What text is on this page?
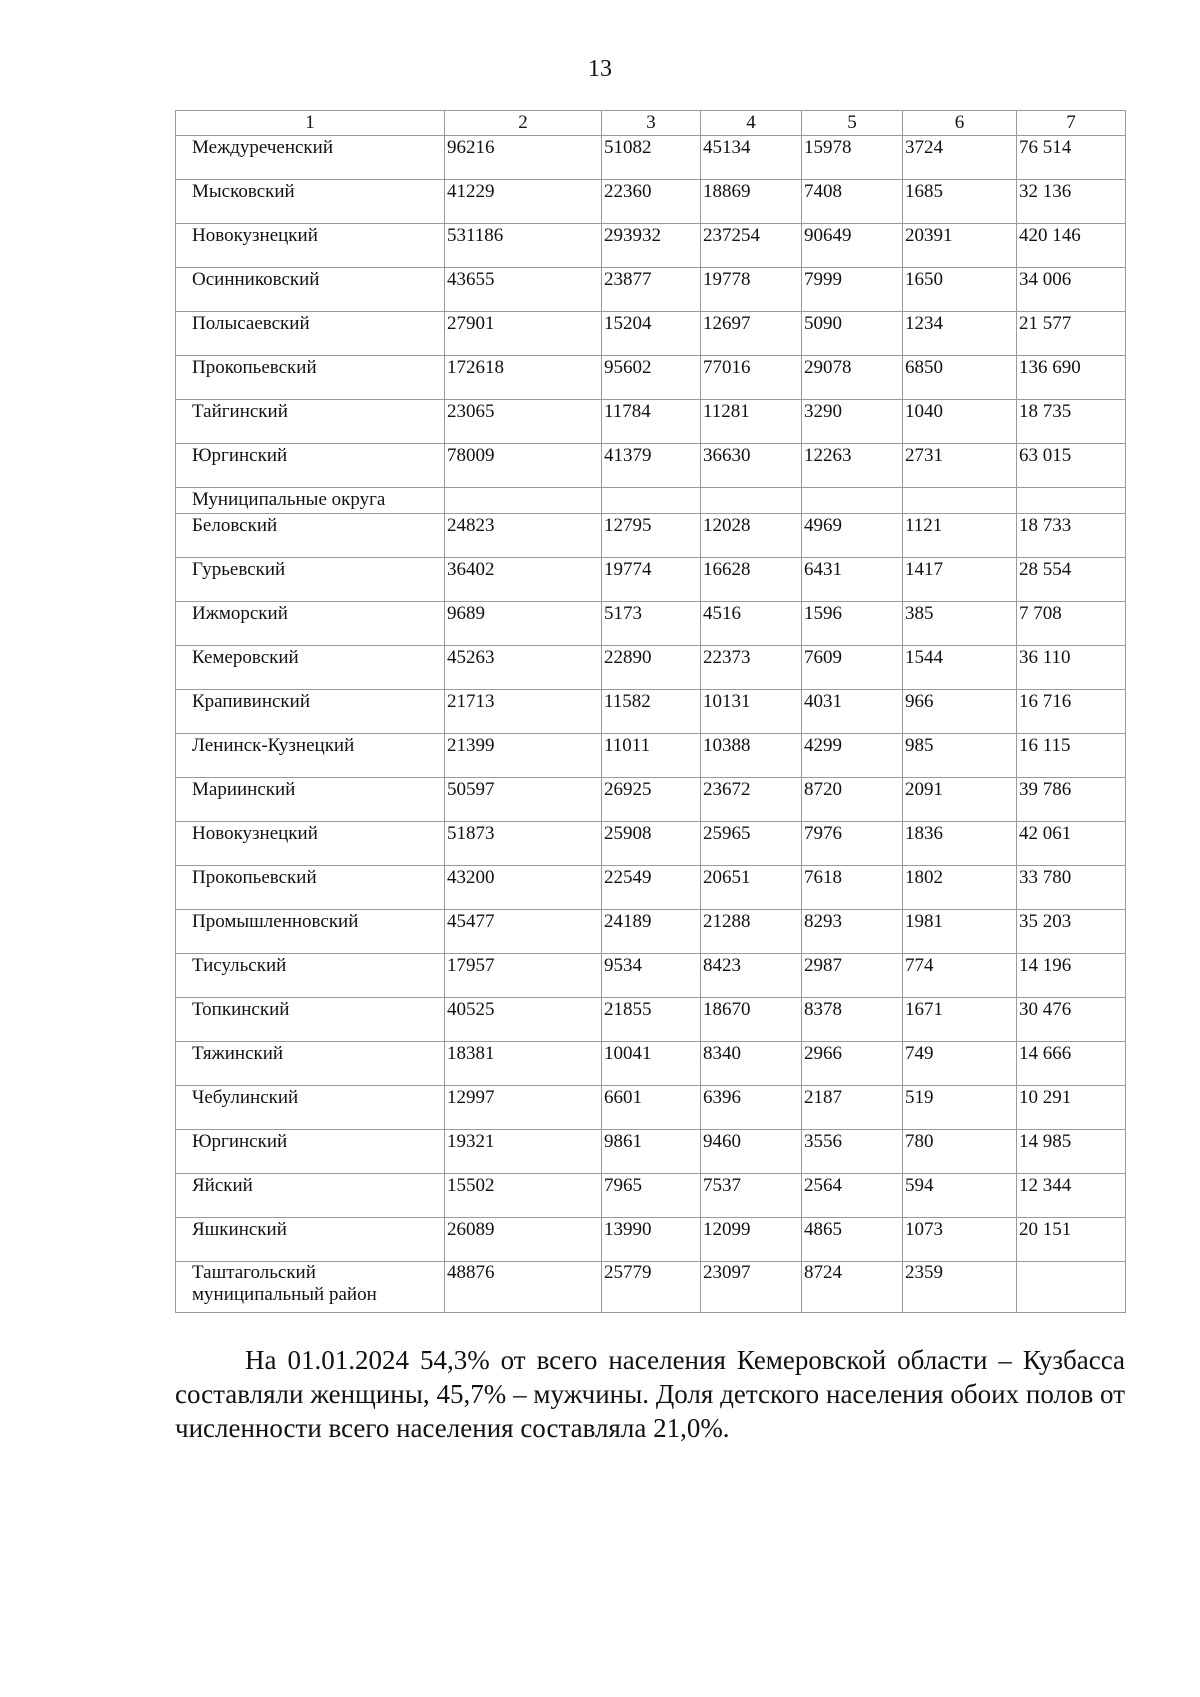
13
1	2	3	4	5	6	7
Междуреченский	96216	51082	45134	15978	3724	76 514
Мысковский	41229	22360	18869	7408	1685	32 136
Новокузнецкий	531186	293932	237254	90649	20391	420 146
Осинниковский	43655	23877	19778	7999	1650	34 006
Полысаевский	27901	15204	12697	5090	1234	21 577
Прокопьевский	172618	95602	77016	29078	6850	136 690
Тайгинский	23065	11784	11281	3290	1040	18 735
Юргинский	78009	41379	36630	12263	2731	63 015
Муниципальные округа						
Беловский	24823	12795	12028	4969	1121	18 733
Гурьевский	36402	19774	16628	6431	1417	28 554
Ижморский	9689	5173	4516	1596	385	7 708
Кемеровский	45263	22890	22373	7609	1544	36 110
Крапивинский	21713	11582	10131	4031	966	16 716
Ленинск-Кузнецкий	21399	11011	10388	4299	985	16 115
Мариинский	50597	26925	23672	8720	2091	39 786
Новокузнецкий	51873	25908	25965	7976	1836	42 061
Прокопьевский	43200	22549	20651	7618	1802	33 780
Промышленновский	45477	24189	21288	8293	1981	35 203
Тисульский	17957	9534	8423	2987	774	14 196
Топкинский	40525	21855	18670	8378	1671	30 476
Тяжинский	18381	10041	8340	2966	749	14 666
Чебулинский	12997	6601	6396	2187	519	10 291
Юргинский	19321	9861	9460	3556	780	14 985
Яйский	15502	7965	7537	2564	594	12 344
Яшкинский	26089	13990	12099	4865	1073	20 151
Таштагольский муниципальный район	48876	25779	23097	8724	2359	

На 01.01.2024 54,3% от всего населения Кемеровской области – Кузбасса составляли женщины, 45,7% – мужчины. Доля детского населения обоих полов от численности всего населения составляла 21,0%.
